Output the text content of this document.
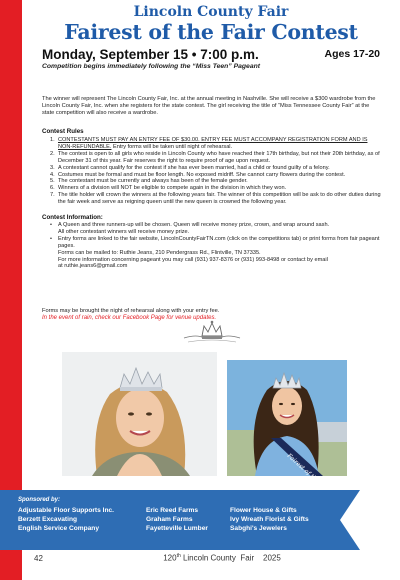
Lincoln County Fair
Fairest of the Fair Contest
Monday, September 15 • 7:00 p.m.	Ages 17-20
Competition begins immediately following the “Miss Teen” Pageant
The winner will represent The Lincoln County Fair, Inc. at the annual meeting in Nashville. She will receive a $300 wardrobe from the Lincoln County Fair, Inc. when she registers for the state contest. The girl receiving the title of “Miss Tennessee County Fair” at the state competition will also receive a wardrobe.
Contest Rules
1. CONTESTANTS MUST PAY AN ENTRY FEE OF $30.00. ENTRY FEE MUST ACCOMPANY REGISTRATION FORM AND IS NON-REFUNDABLE. Entry forms will be taken until night of rehearsal.
2. The contest is open to all girls who reside in Lincoln County who have reached their 17th birthday, but not their 20th birthday, as of December 31 of this year. Fair reserves the right to require proof of age upon request.
3. A contestant cannot qualify for the contest if she has ever been married, had a child or found guilty of a felony.
4. Costumes must be formal and must be floor length. No exposed midriff. She cannot carry flowers during the contest.
5. The contestant must be currently and always has been of the female gender.
6. Winners of a division will NOT be eligible to compete again in the division in which they won.
7. The title holder will crown the winners at the following years fair. The winner of this competition will be ask to do other duties during the fair week and serve as reigning queen until the new queen is crowned the following year.
Contest Information:
• A Queen and three runners-up will be chosen. Queen will receive money prize, crown, and wrap around sash.
All other contestant winners will receive money prize.
• Entry forms are linked to the fair website, LincolnCountyFairTN.com (click on the competitions tab) or print forms from fair pageant pages.
Forms can be mailed to: Ruthie Jeans, 210 Pendergrass Rd., Flintville, TN 37335.
For more information concerning pageant you may call (931) 937-8376 or (931) 993-8498 or contact by email
at ruthie.jeans6@gmail.com
Forms may be brought the night of rehearsal along with your entry fee.
In the event of rain, check our Facebook Page for venue updates.
Fairest of
Sponsored by:
Adjustable Floor Supports Inc.
Berzett Excavating
English Service Company
Eric Reed Farms
Graham Farms
Fayetteville Lumber
Flower House & Gifts
Ivy Wreath Florist & Gifts
Sabghi's Jewelers
42	120th Lincoln County  Fair    2025
